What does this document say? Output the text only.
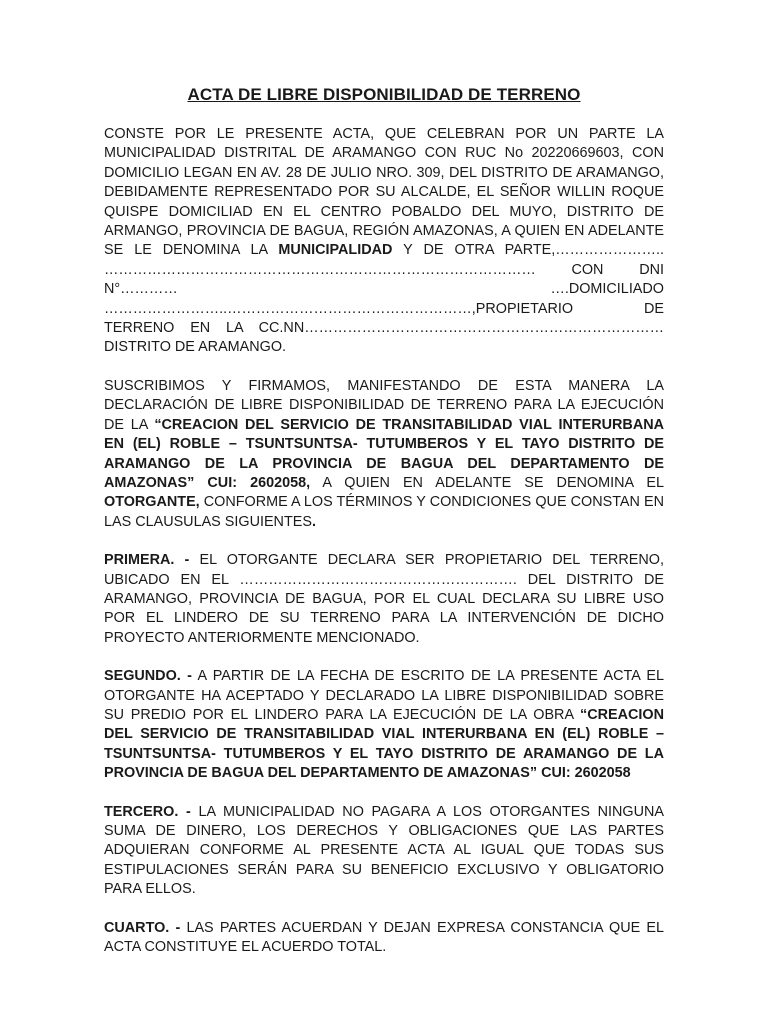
ACTA DE LIBRE DISPONIBILIDAD DE TERRENO

CONSTE POR LE PRESENTE ACTA, QUE CELEBRAN POR UN PARTE LA MUNICIPALIDAD DISTRITAL DE ARAMANGO CON RUC No 20220669603, CON DOMICILIO LEGAN EN AV. 28 DE JULIO NRO. 309, DEL DISTRITO DE ARAMANGO, DEBIDAMENTE REPRESENTADO POR SU ALCALDE, EL SEÑOR WILLIN ROQUE QUISPE DOMICILIAD EN EL CENTRO POBALDO DEL MUYO, DISTRITO DE ARMANGO, PROVINCIA DE BAGUA, REGIÓN AMAZONAS, A QUIEN EN ADELANTE SE LE DENOMINA LA MUNICIPALIDAD Y DE OTRA PARTE,………………….. ……………………………………………………………………………… CON DNI N°………… ….DOMICILIADO ……………………..……………………………………………,PROPIETARIO DE TERRENO EN LA CC.NN…………………………………………………………………DISTRITO DE ARAMANGO.

SUSCRIBIMOS Y FIRMAMOS, MANIFESTANDO DE ESTA MANERA LA DECLARACIÓN DE LIBRE DISPONIBILIDAD DE TERRENO PARA LA EJECUCIÓN DE LA “CREACION DEL SERVICIO DE TRANSITABILIDAD VIAL INTERURBANA EN (EL) ROBLE – TSUNTSUNTSA- TUTUMBEROS Y EL TAYO DISTRITO DE ARAMANGO DE LA PROVINCIA DE BAGUA DEL DEPARTAMENTO DE AMAZONAS” CUI: 2602058, A QUIEN EN ADELANTE SE DENOMINA EL OTORGANTE, CONFORME A LOS TÉRMINOS Y CONDICIONES QUE CONSTAN EN LAS CLAUSULAS SIGUIENTES.

PRIMERA. - EL OTORGANTE DECLARA SER PROPIETARIO DEL TERRENO, UBICADO EN EL …………………………………………………. DEL DISTRITO DE ARAMANGO, PROVINCIA DE BAGUA, POR EL CUAL DECLARA SU LIBRE USO POR EL LINDERO DE SU TERRENO PARA LA INTERVENCIÓN DE DICHO PROYECTO ANTERIORMENTE MENCIONADO.

SEGUNDO. - A PARTIR DE LA FECHA DE ESCRITO DE LA PRESENTE ACTA EL OTORGANTE HA ACEPTADO Y DECLARADO LA LIBRE DISPONIBILIDAD SOBRE SU PREDIO POR EL LINDERO PARA LA EJECUCIÓN DE LA OBRA “CREACION DEL SERVICIO DE TRANSITABILIDAD VIAL INTERURBANA EN (EL) ROBLE – TSUNTSUNTSA- TUTUMBEROS Y EL TAYO DISTRITO DE ARAMANGO DE LA PROVINCIA DE BAGUA DEL DEPARTAMENTO DE AMAZONAS” CUI: 2602058

TERCERO. - LA MUNICIPALIDAD NO PAGARA A LOS OTORGANTES NINGUNA SUMA DE DINERO, LOS DERECHOS Y OBLIGACIONES QUE LAS PARTES ADQUIERAN CONFORME AL PRESENTE ACTA AL IGUAL QUE TODAS SUS ESTIPULACIONES SERÁN PARA SU BENEFICIO EXCLUSIVO Y OBLIGATORIO PARA ELLOS.

CUARTO. - LAS PARTES ACUERDAN Y DEJAN EXPRESA CONSTANCIA QUE EL ACTA CONSTITUYE EL ACUERDO TOTAL.
